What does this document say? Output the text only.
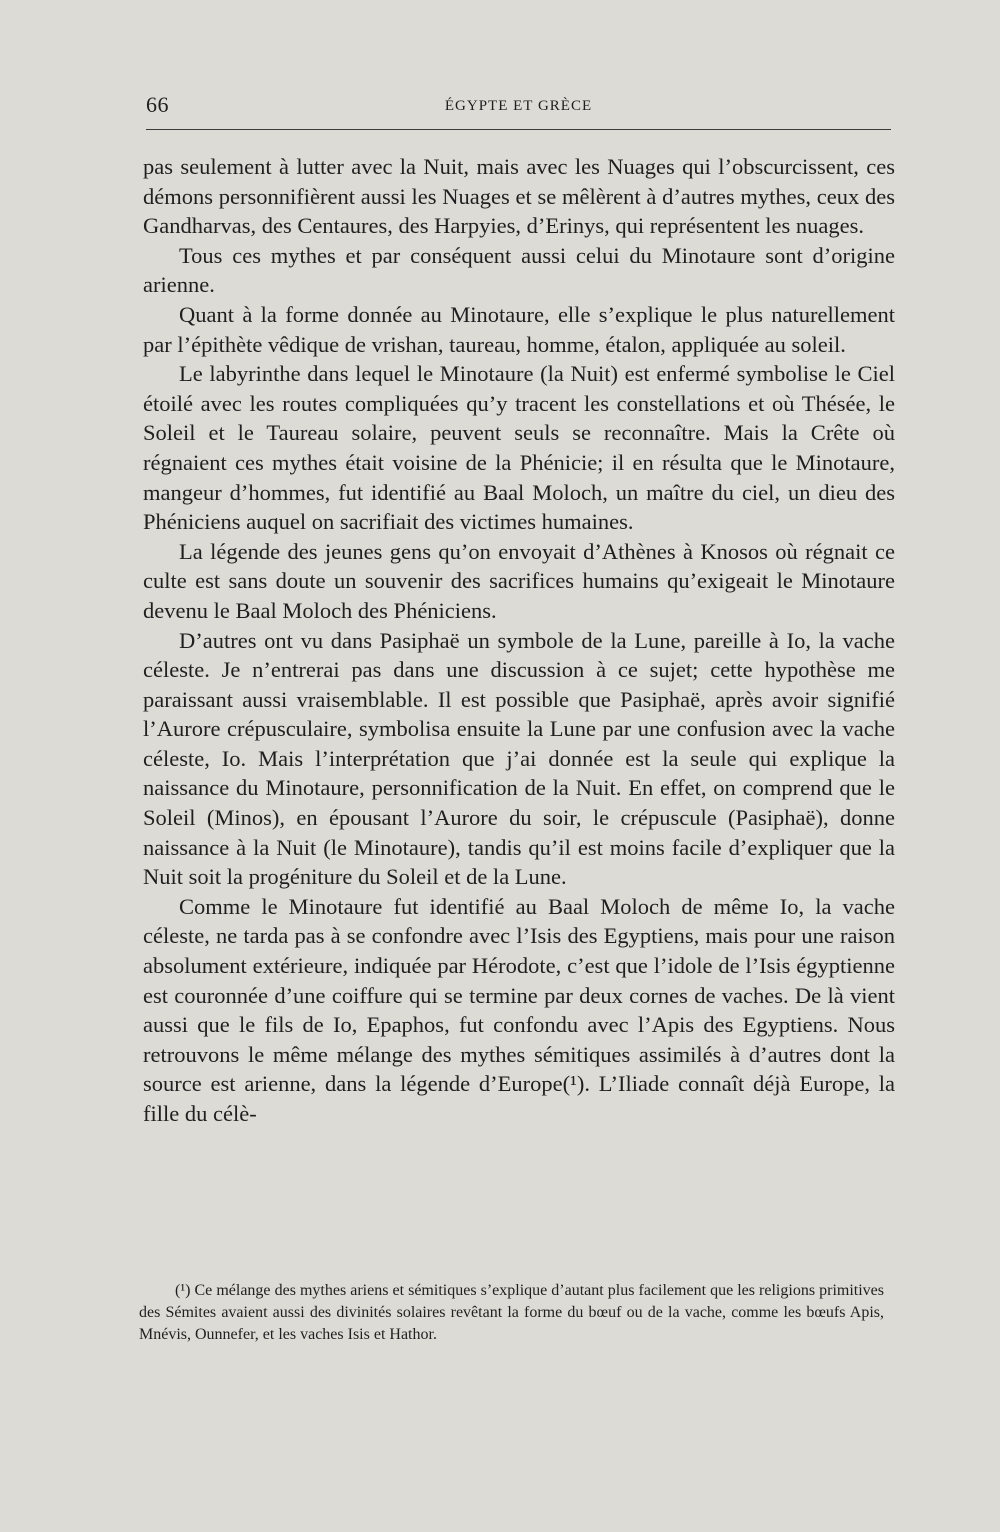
66	ÉGYPTE ET GRÈCE

pas seulement à lutter avec la Nuit, mais avec les Nuages qui l’obscurcissent, ces démons personnifièrent aussi les Nuages et se mêlèrent à d’autres mythes, ceux des Gandharvas, des Centaures, des Harpyies, d’Erinys, qui représentent les nuages.

Tous ces mythes et par conséquent aussi celui du Minotaure sont d’origine arienne.

Quant à la forme donnée au Minotaure, elle s’explique le plus naturellement par l’épithète vêdique de vrishan, taureau, homme, étalon, appliquée au soleil.

Le labyrinthe dans lequel le Minotaure (la Nuit) est enfermé symbolise le Ciel étoilé avec les routes compliquées qu’y tracent les constellations et où Thésée, le Soleil et le Taureau solaire, peuvent seuls se reconnaître. Mais la Crête où régnaient ces mythes était voisine de la Phénicie; il en résulta que le Minotaure, mangeur d’hommes, fut identifié au Baal Moloch, un maître du ciel, un dieu des Phéniciens auquel on sacrifiait des victimes humaines.

La légende des jeunes gens qu’on envoyait d’Athènes à Knosos où régnait ce culte est sans doute un souvenir des sacrifices humains qu’exigeait le Minotaure devenu le Baal Moloch des Phéniciens.

D’autres ont vu dans Pasiphaë un symbole de la Lune, pareille à Io, la vache céleste. Je n’entrerai pas dans une discussion à ce sujet; cette hypothèse me paraissant aussi vraisemblable. Il est possible que Pasiphaë, après avoir signifié l’Aurore crépusculaire, symbolisa ensuite la Lune par une confusion avec la vache céleste, Io. Mais l’interprétation que j’ai donnée est la seule qui explique la naissance du Minotaure, personnification de la Nuit. En effet, on comprend que le Soleil (Minos), en épousant l’Aurore du soir, le crépuscule (Pasiphaë), donne naissance à la Nuit (le Minotaure), tandis qu’il est moins facile d’expliquer que la Nuit soit la progéniture du Soleil et de la Lune.

Comme le Minotaure fut identifié au Baal Moloch de même Io, la vache céleste, ne tarda pas à se confondre avec l’Isis des Egyptiens, mais pour une raison absolument extérieure, indiquée par Hérodote, c’est que l’idole de l’Isis égyptienne est couronnée d’une coiffure qui se termine par deux cornes de vaches. De là vient aussi que le fils de Io, Epaphos, fut confondu avec l’Apis des Egyptiens. Nous retrouvons le même mélange des mythes sémitiques assimilés à d’autres dont la source est arienne, dans la légende d’Europe(¹). L’Iliade connaît déjà Europe, la fille du célè-

(¹) Ce mélange des mythes ariens et sémitiques s’explique d’autant plus facilement que les religions primitives des Sémites avaient aussi des divinités solaires revêtant la forme du bœuf ou de la vache, comme les bœufs Apis, Mnévis, Ounnefer, et les vaches Isis et Hathor.
